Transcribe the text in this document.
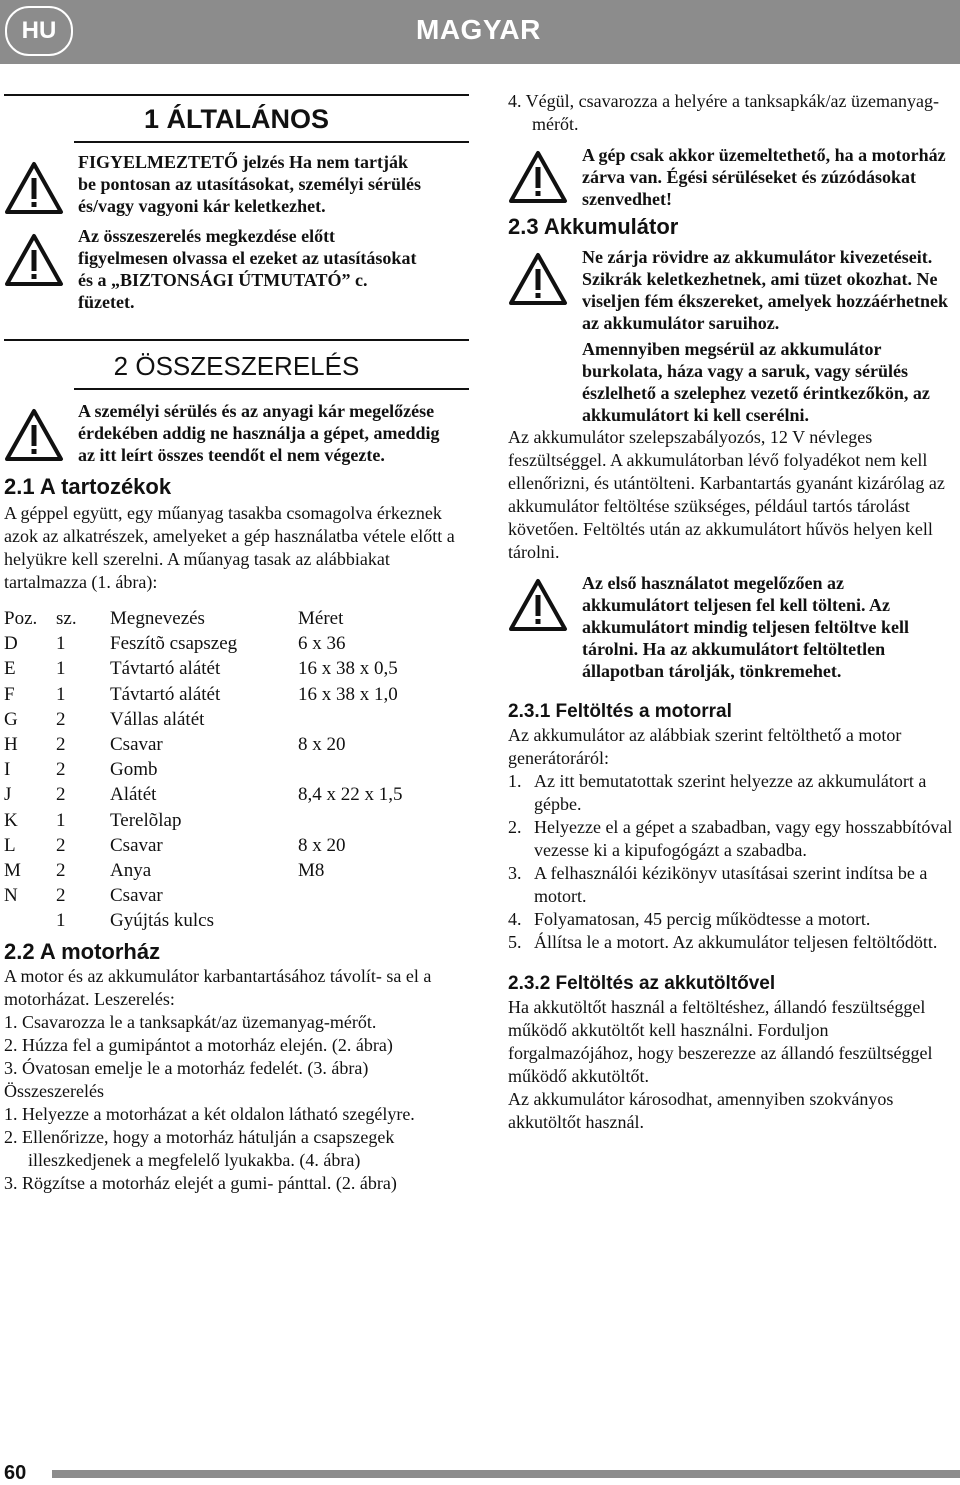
HU	MAGYAR
1 ÁLTALÁNOS

FIGYELMEZTETŐ jelzés Ha nem tartják be pontosan az utasításokat, személyi sérülés és/vagy vagyoni kár keletkezhet.

Az összeszerelés megkezdése előtt figyelmesen olvassa el ezeket az utasításokat és a „BIZTONSÁGI ÚTMUTATÓ” c. füzetet.

2 ÖSSZESZERELÉS

A személyi sérülés és az anyagi kár megelőzése érdekében addig ne használja a gépet, ameddig az itt leírt összes teendőt el nem végezte.

2.1 A tartozékok

A géppel együtt, egy műanyag tasakba csomagolva érkeznek azok az alkatrészek, amelyeket a gép használatba vétele előtt a helyükre kell szerelni. A műanyag tasak az alábbiakat tartalmazza (1. ábra):

Poz.	sz.	Megnevezés	Méret
D	1	Feszítõ csapszeg	6 x 36
E	1	Távtartó alátét	16 x 38 x 0,5
F	1	Távtartó alátét	16 x 38 x 1,0
G	2	Vállas alátét	
H	2	Csavar	8 x 20
I	2	Gomb	
J	2	Alátét	8,4 x 22 x 1,5
K	1	Terelõlap	
L	2	Csavar	8 x 20
M	2	Anya	M8
N	2	Csavar	
	1	Gyújtás kulcs	
2.2 A motorház

A motor és az akkumulátor karbantartásához távolít- sa el a motorházat. Leszerelés:

1. Csavarozza le a tanksapkát/az üzemanyag-mérőt.
2. Húzza fel a gumipántot a motorház elején. (2. ábra)
3. Óvatosan emelje le a motorház fedelét. (3. ábra)

Összeszerelés

1. Helyezze a motorházat a két oldalon látható szegélyre.
2. Ellenőrizze, hogy a motorház hátulján a csapszegek illeszkedjenek a megfelelő lyukakba. (4. ábra)
3. Rögzítse a motorház elejét a gumi- pánttal. (2. ábra)
4. Végül, csavarozza a helyére a tanksapkák/az üzemanyag-mérőt.

A gép csak akkor üzemeltethető, ha a motorház zárva van. Égési sérüléseket és zúzódásokat szenvedhet!

2.3 Akkumulátor

Ne zárja rövidre az akkumulátor kivezetéseit. Szikrák keletkezhetnek, ami tüzet okozhat. Ne viseljen fém ékszereket, amelyek hozzáérhetnek az akkumulátor saruihoz.

Amennyiben megsérül az akkumulátor burkolata, háza vagy a saruk, vagy sérülés észlelhető a szelephez vezető érintkezőkön, az akkumulátort ki kell cserélni.

Az akkumulátor szelepszabályozós, 12 V névleges feszültséggel. A akkumulátorban lévő folyadékot nem kell ellenőrizni, és utántölteni. Karbantartás gyanánt kizárólag az akkumulátor feltöltése szükséges, például tartós tárolást követően. Feltöltés után az akkumulátort hűvös helyen kell tárolni.

Az első használatot megelőzően az akkumulátort teljesen fel kell tölteni. Az akkumulátort mindig teljesen feltöltve kell tárolni. Ha az akkumulátort feltöltetlen állapotban tárolják, tönkremehet.

2.3.1 Feltöltés a motorral

Az akkumulátor az alábbiak szerint feltölthető a motor generátoráról:

1. Az itt bemutatottak szerint helyezze az akkumulátort a gépbe.
2. Helyezze el a gépet a szabadban, vagy egy hosszabbítóval vezesse ki a kipufogógázt a szabadba.
3. A felhasználói kézikönyv utasításai szerint indítsa be a motort.
4. Folyamatosan, 45 percig működtesse a motort.
5. Állítsa le a motort. Az akkumulátor teljesen feltöltődött.
2.3.2 Feltöltés az akkutöltővel

Ha akkutöltőt használ a feltöltéshez, állandó feszültséggel működő akkutöltőt kell használni. Forduljon forgalmazójához, hogy beszerezze az állandó feszültséggel működő akkutöltőt.

Az akkumulátor károsodhat, amennyiben szokványos akkutöltőt használ.

60
